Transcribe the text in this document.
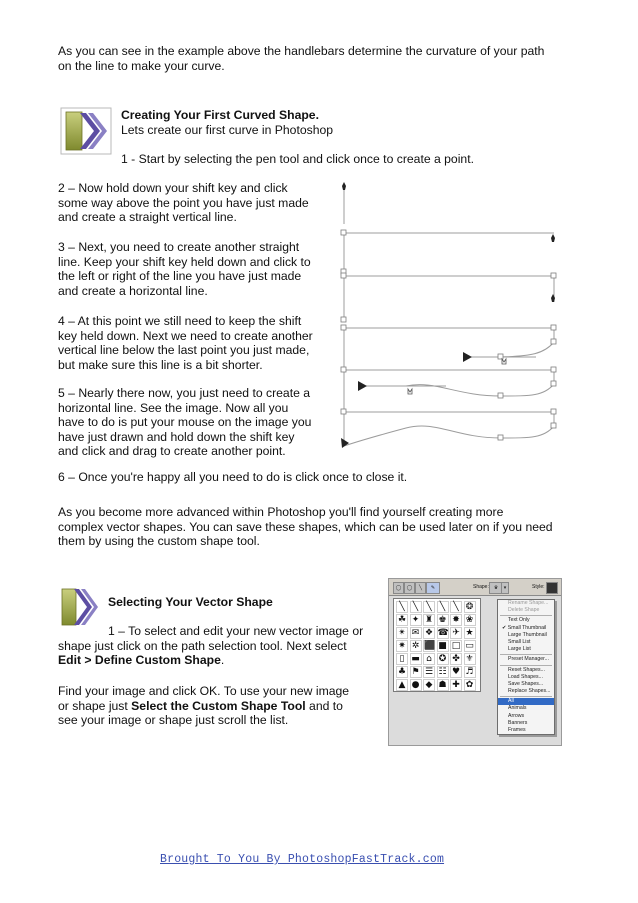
As you can see in the example above the handlebars determine the curvature of your path

on the line to make your curve.

Creating Your First Curved Shape.

Lets create our first curve in Photoshop

1 - Start by selecting the pen tool and click once to create a point.

2 – Now hold down your shift key and click

some way above the point you have just made

and create a straight vertical line.

3 – Next, you need to create another straight

line. Keep your shift key held down and click to

the left or right of the line you have just made

and create a horizontal line.

4 – At this point we still need to keep the shift

key held down. Next we need to create another

vertical line below the last point you just made,

but make sure this line is a bit shorter.

5 – Nearly there now, you just need to create a

horizontal line. See the image. Now all you

have to do is put your mouse on the image you

have just drawn and hold down the shift key

and click and drag to create another point.

6 – Once you're happy all you need to do is click once to close it.

As you become more advanced within Photoshop you'll find yourself creating more

complex vector shapes. You can save these shapes, which can be used later on if you need

them by using the custom shape tool.

Selecting Your Vector Shape

1 – To select and edit your new vector image or

shape just click on the path selection tool. Next select

Edit > Define Custom Shape.

Find your image and click OK. To use your new image

or shape just Select the Custom Shape Tool and to

see your image or shape just scroll the list.

◯	◯	╲	✎	Shape: ♛	▾	Style:
╲ ╲ ╲ ╲ ╲ ❂
☘ ✦ ♜ ♚ ✸ ❀
✴ ✉ ❖ ☎ ✈ ★
✷ ✲ ⬛ ■ □ ▭
▯ ▬ ⌂ ✪ ✤ ⚜
♣ ⚑ ☰ ☷ ♥ ♬
▲ ● ◆ ☗ ✚ ✿
Rename Shape...
Delete Shape
Text Only
✔ Small Thumbnail
Large Thumbnail
Small List
Large List
Preset Manager...
Reset Shapes...
Load Shapes...
Save Shapes...
Replace Shapes...
All
Animals
Arrows
Banners
Frames
Brought To You By PhotoshopFastTrack.com
